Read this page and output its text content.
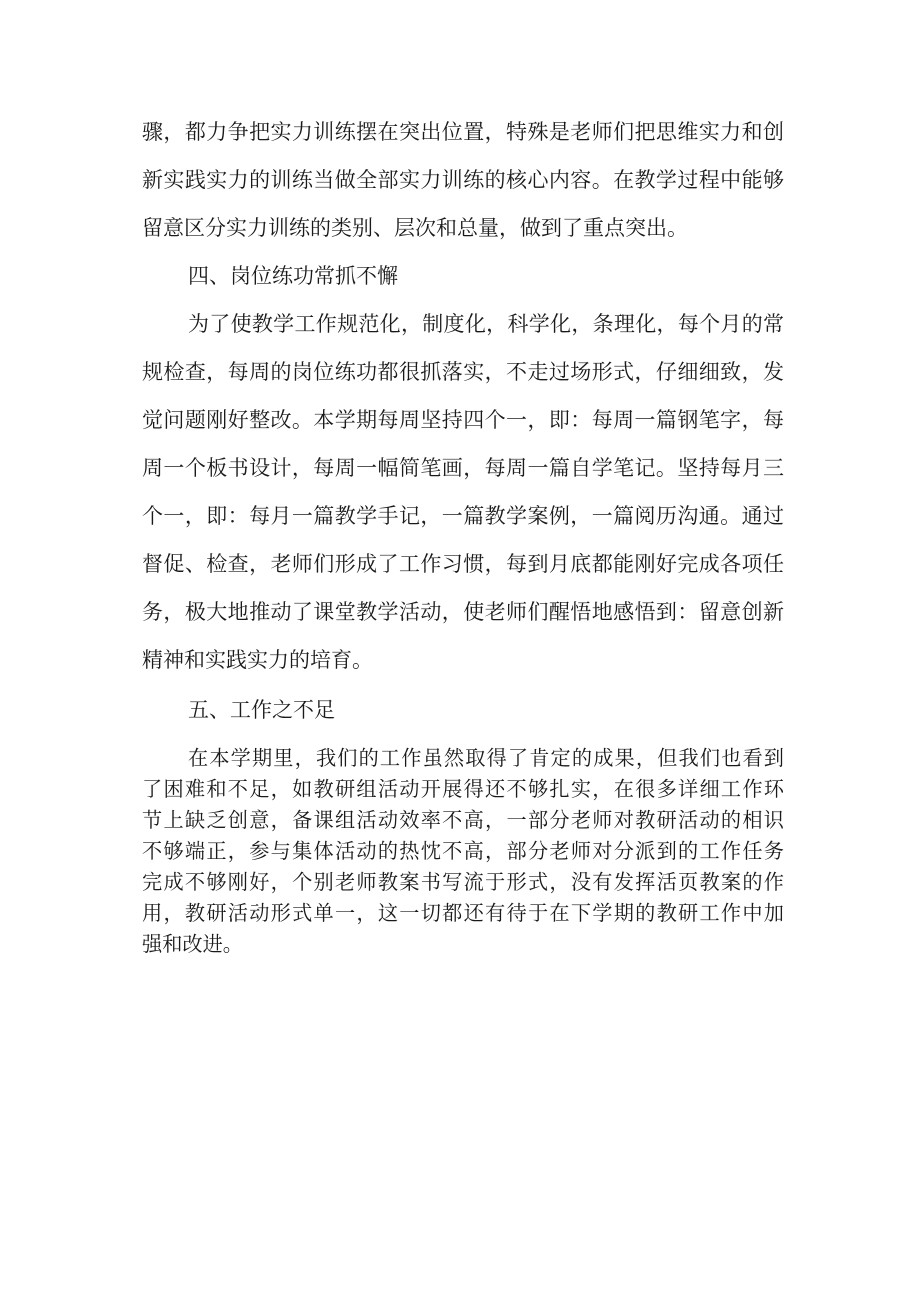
骤，都力争把实力训练摆在突出位置，特殊是老师们把思维实力和创
新实践实力的训练当做全部实力训练的核心内容。在教学过程中能够
留意区分实力训练的类别、层次和总量，做到了重点突出。
四、岗位练功常抓不懈
为了使教学工作规范化，制度化，科学化，条理化，每个月的常
规检查，每周的岗位练功都很抓落实，不走过场形式，仔细细致，发
觉问题刚好整改。本学期每周坚持四个一，即：每周一篇钢笔字，每
周一个板书设计，每周一幅简笔画，每周一篇自学笔记。坚持每月三
个一，即：每月一篇教学手记，一篇教学案例，一篇阅历沟通。通过
督促、检查，老师们形成了工作习惯，每到月底都能刚好完成各项任
务，极大地推动了课堂教学活动，使老师们醒悟地感悟到：留意创新
精神和实践实力的培育。
五、工作之不足
在本学期里，我们的工作虽然取得了肯定的成果，但我们也看到
了困难和不足，如教研组活动开展得还不够扎实，在很多详细工作环
节上缺乏创意，备课组活动效率不高，一部分老师对教研活动的相识
不够端正，参与集体活动的热忱不高，部分老师对分派到的工作任务
完成不够刚好，个别老师教案书写流于形式，没有发挥活页教案的作
用，教研活动形式单一，这一切都还有待于在下学期的教研工作中加
强和改进。
